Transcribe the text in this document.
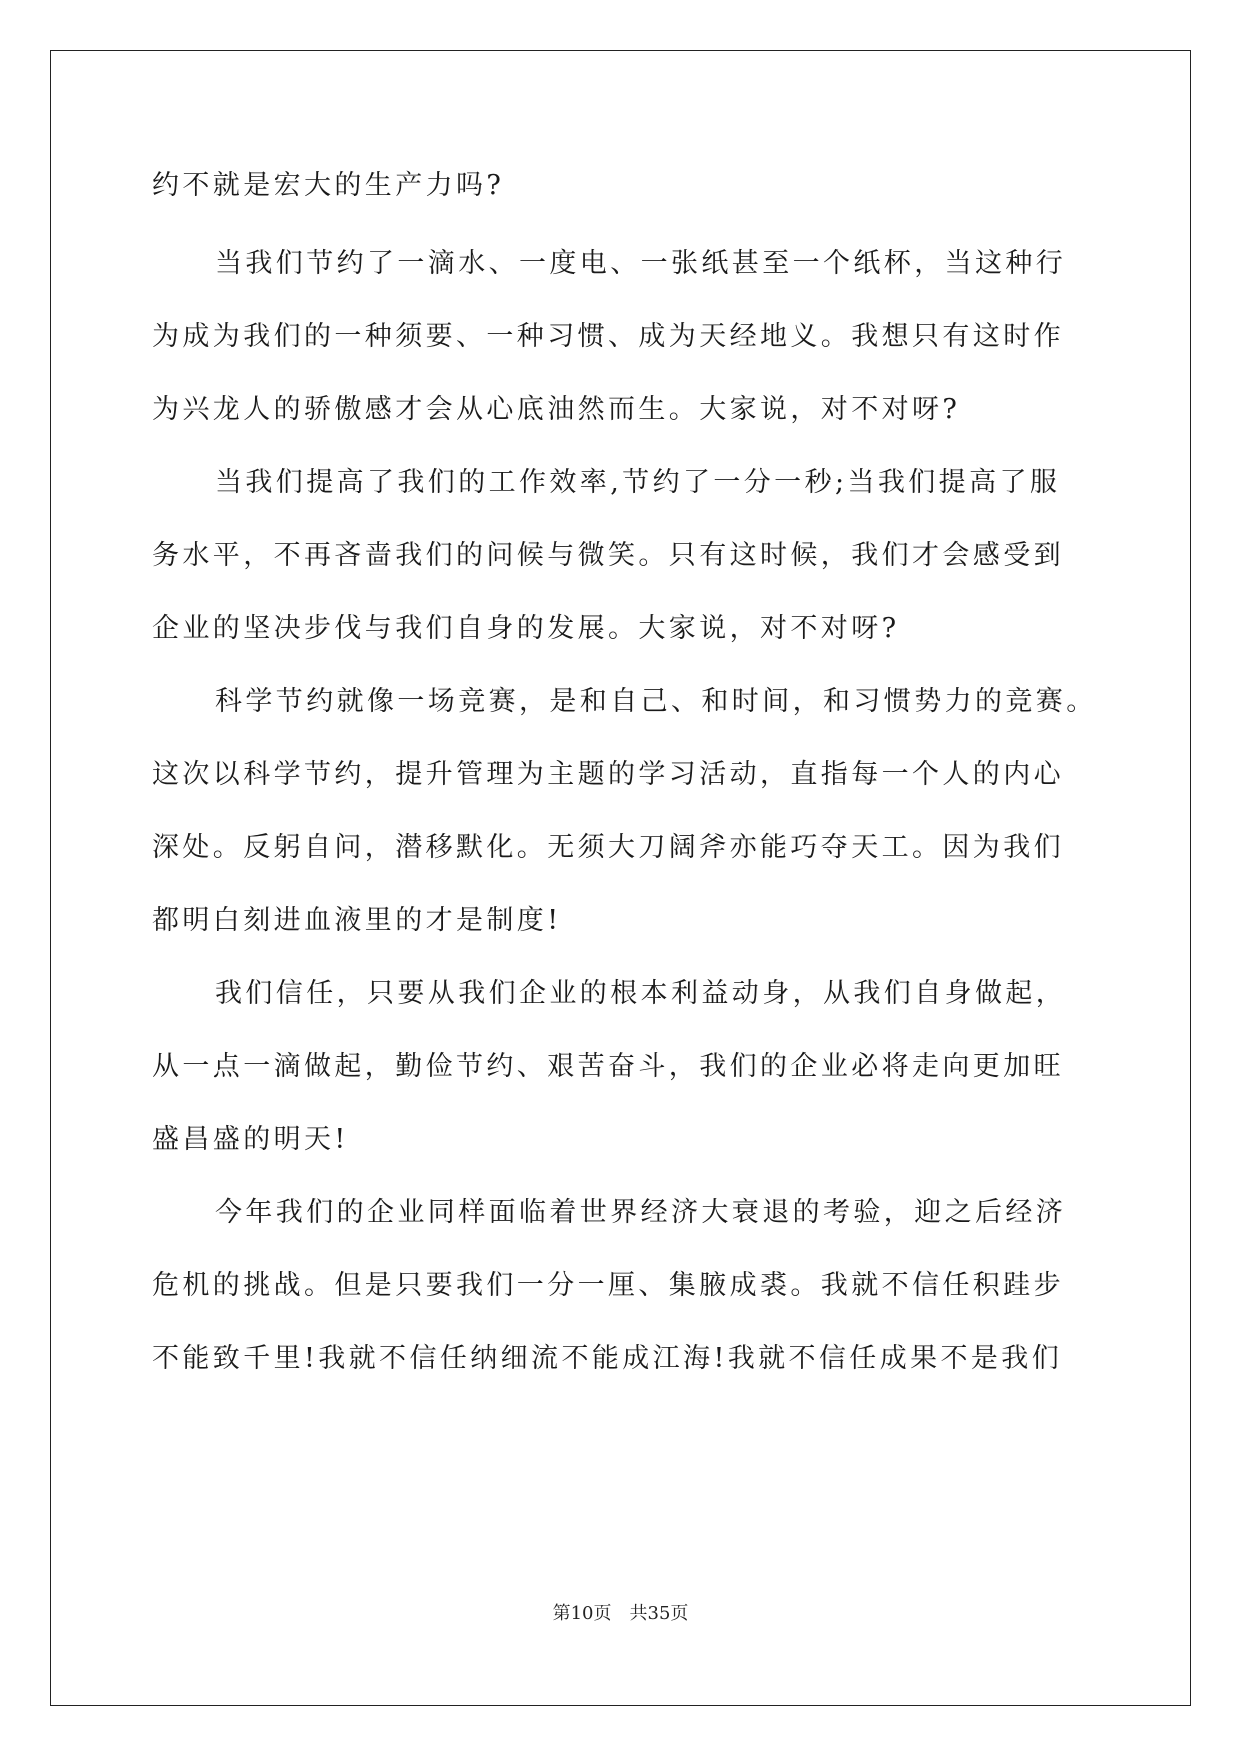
约不就是宏大的生产力吗?
当我们节约了一滴水、一度电、一张纸甚至一个纸杯，当这种行
为成为我们的一种须要、一种习惯、成为天经地义。我想只有这时作
为兴龙人的骄傲感才会从心底油然而生。大家说，对不对呀?
当我们提高了我们的工作效率,节约了一分一秒;当我们提高了服
务水平，不再吝啬我们的问候与微笑。只有这时候，我们才会感受到
企业的坚决步伐与我们自身的发展。大家说，对不对呀?
科学节约就像一场竞赛，是和自己、和时间，和习惯势力的竞赛。
这次以科学节约，提升管理为主题的学习活动，直指每一个人的内心
深处。反躬自问，潜移默化。无须大刀阔斧亦能巧夺天工。因为我们
都明白刻进血液里的才是制度!
我们信任，只要从我们企业的根本利益动身，从我们自身做起，
从一点一滴做起，勤俭节约、艰苦奋斗，我们的企业必将走向更加旺
盛昌盛的明天!
今年我们的企业同样面临着世界经济大衰退的考验，迎之后经济
危机的挑战。但是只要我们一分一厘、集腋成裘。我就不信任积跬步
不能致千里!我就不信任纳细流不能成江海!我就不信任成果不是我们
第10页 共35页
